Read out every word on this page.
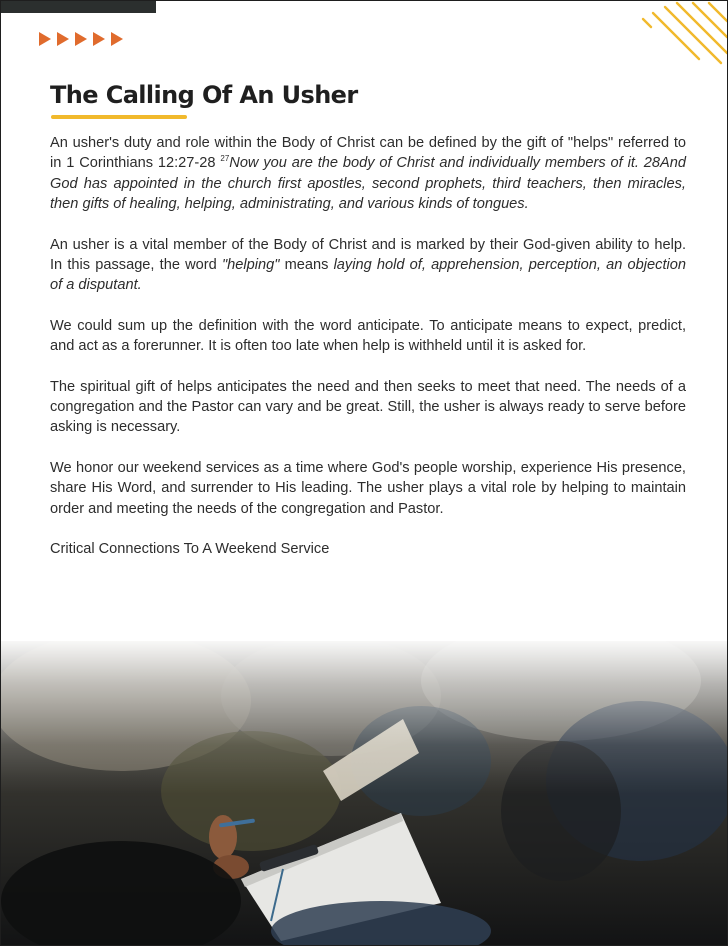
The Calling Of An Usher

An usher's duty and role within the Body of Christ can be defined by the gift of "helps" referred to in 1 Corinthians 12:27-28 $^{27}$Now you are the body of Christ and individually members of it. 28And God has appointed in the church first apostles, second prophets, third teachers, then miracles, then gifts of healing, helping, administrating, and various kinds of tongues.

An usher is a vital member of the Body of Christ and is marked by their God-given ability to help. In this passage, the word "helping" means laying hold of, apprehension, perception, an objection of a disputant.

We could sum up the definition with the word anticipate. To anticipate means to expect, predict, and act as a forerunner. It is often too late when help is withheld until it is asked for.

The spiritual gift of helps anticipates the need and then seeks to meet that need. The needs of a congregation and the Pastor can vary and be great. Still, the usher is always ready to serve before asking is necessary.

We honor our weekend services as a time where God's people worship, experience His presence, share His Word, and surrender to His leading. The usher plays a vital role by helping to maintain order and meeting the needs of the congregation and Pastor.

Critical Connections To A Weekend Service
